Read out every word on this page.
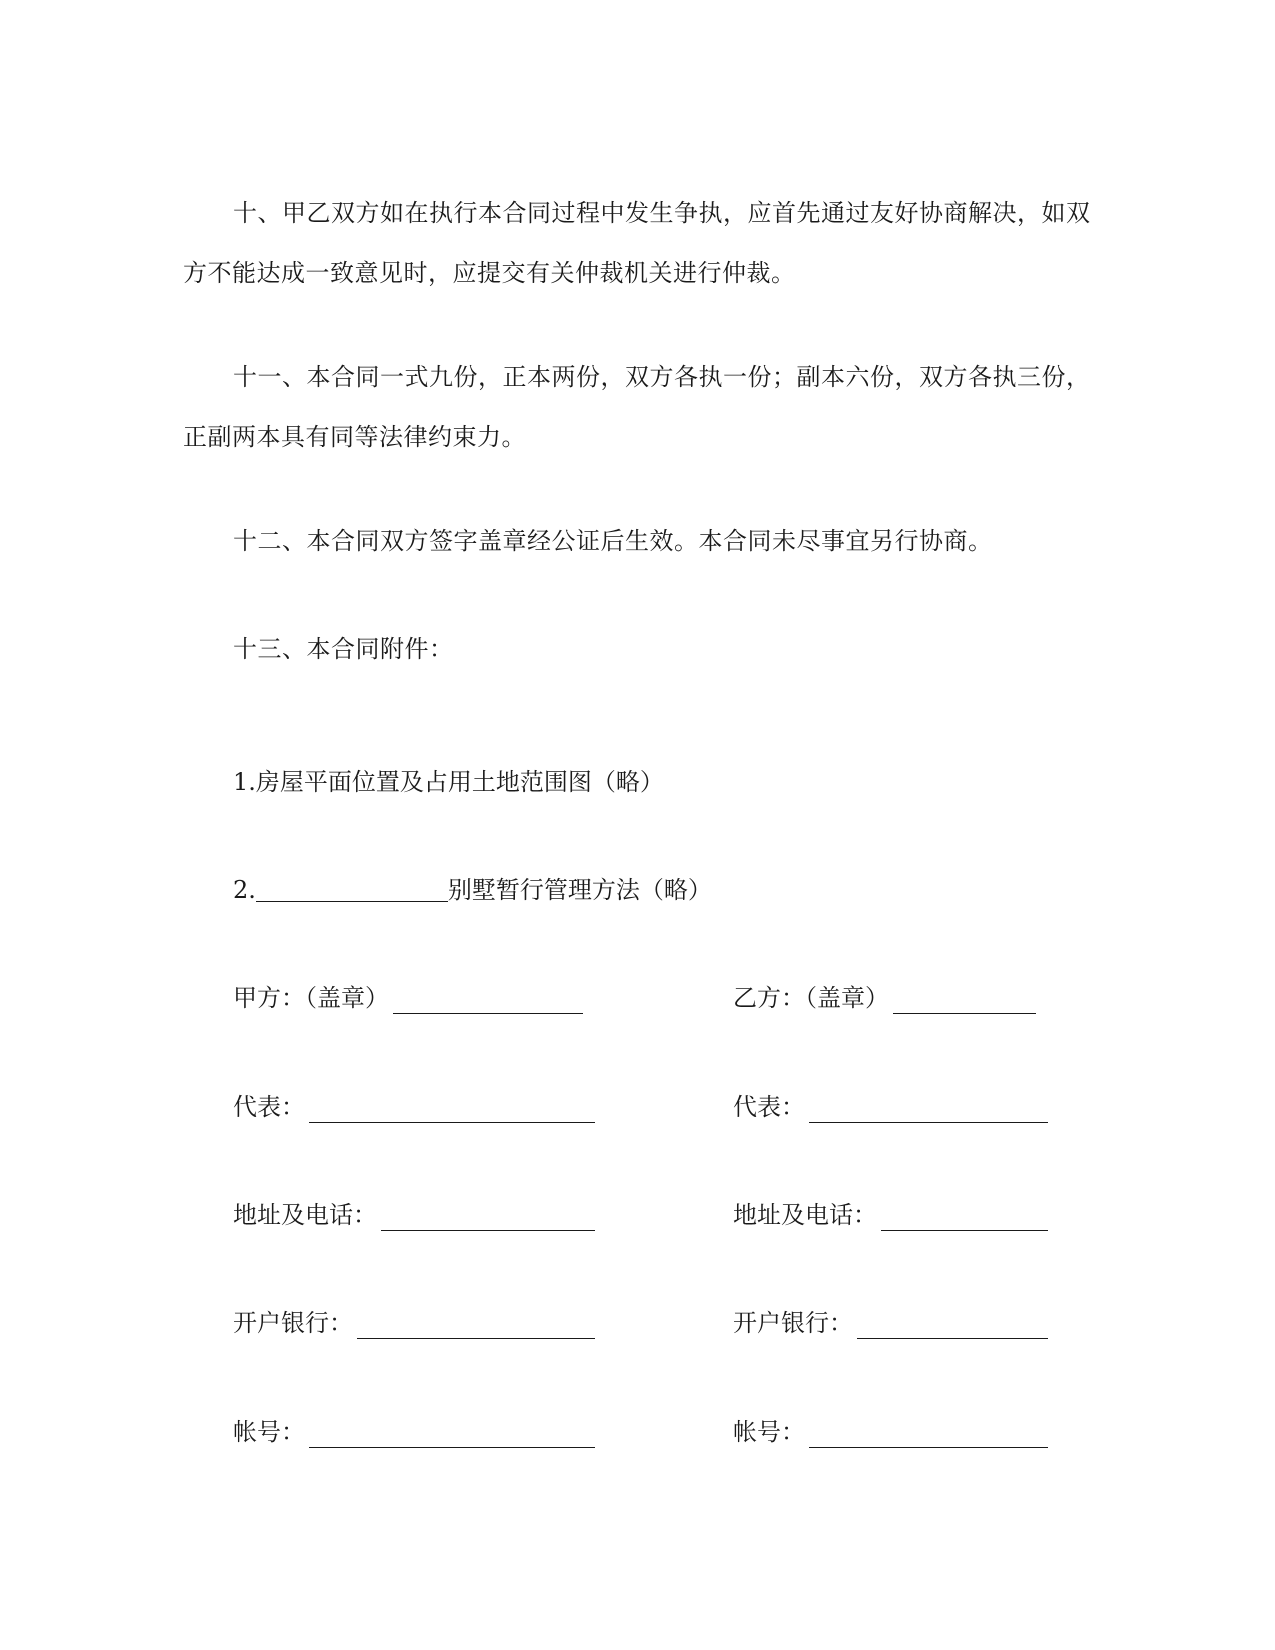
十、甲乙双方如在执行本合同过程中发生争执，应首先通过友好协商解决，如双方不能达成一致意见时，应提交有关仲裁机关进行仲裁。

十一、本合同一式九份，正本两份，双方各执一份；副本六份，双方各执三份，正副两本具有同等法律约束力。

十二、本合同双方签字盖章经公证后生效。本合同未尽事宜另行协商。

十三、本合同附件：

1.房屋平面位置及占用土地范围图（略）

2.	别墅暂行管理方法（略）

甲方：（盖章）
代表：
地址及电话：
开户银行：
帐号：
乙方：（盖章）
代表：
地址及电话：
开户银行：
帐号：
